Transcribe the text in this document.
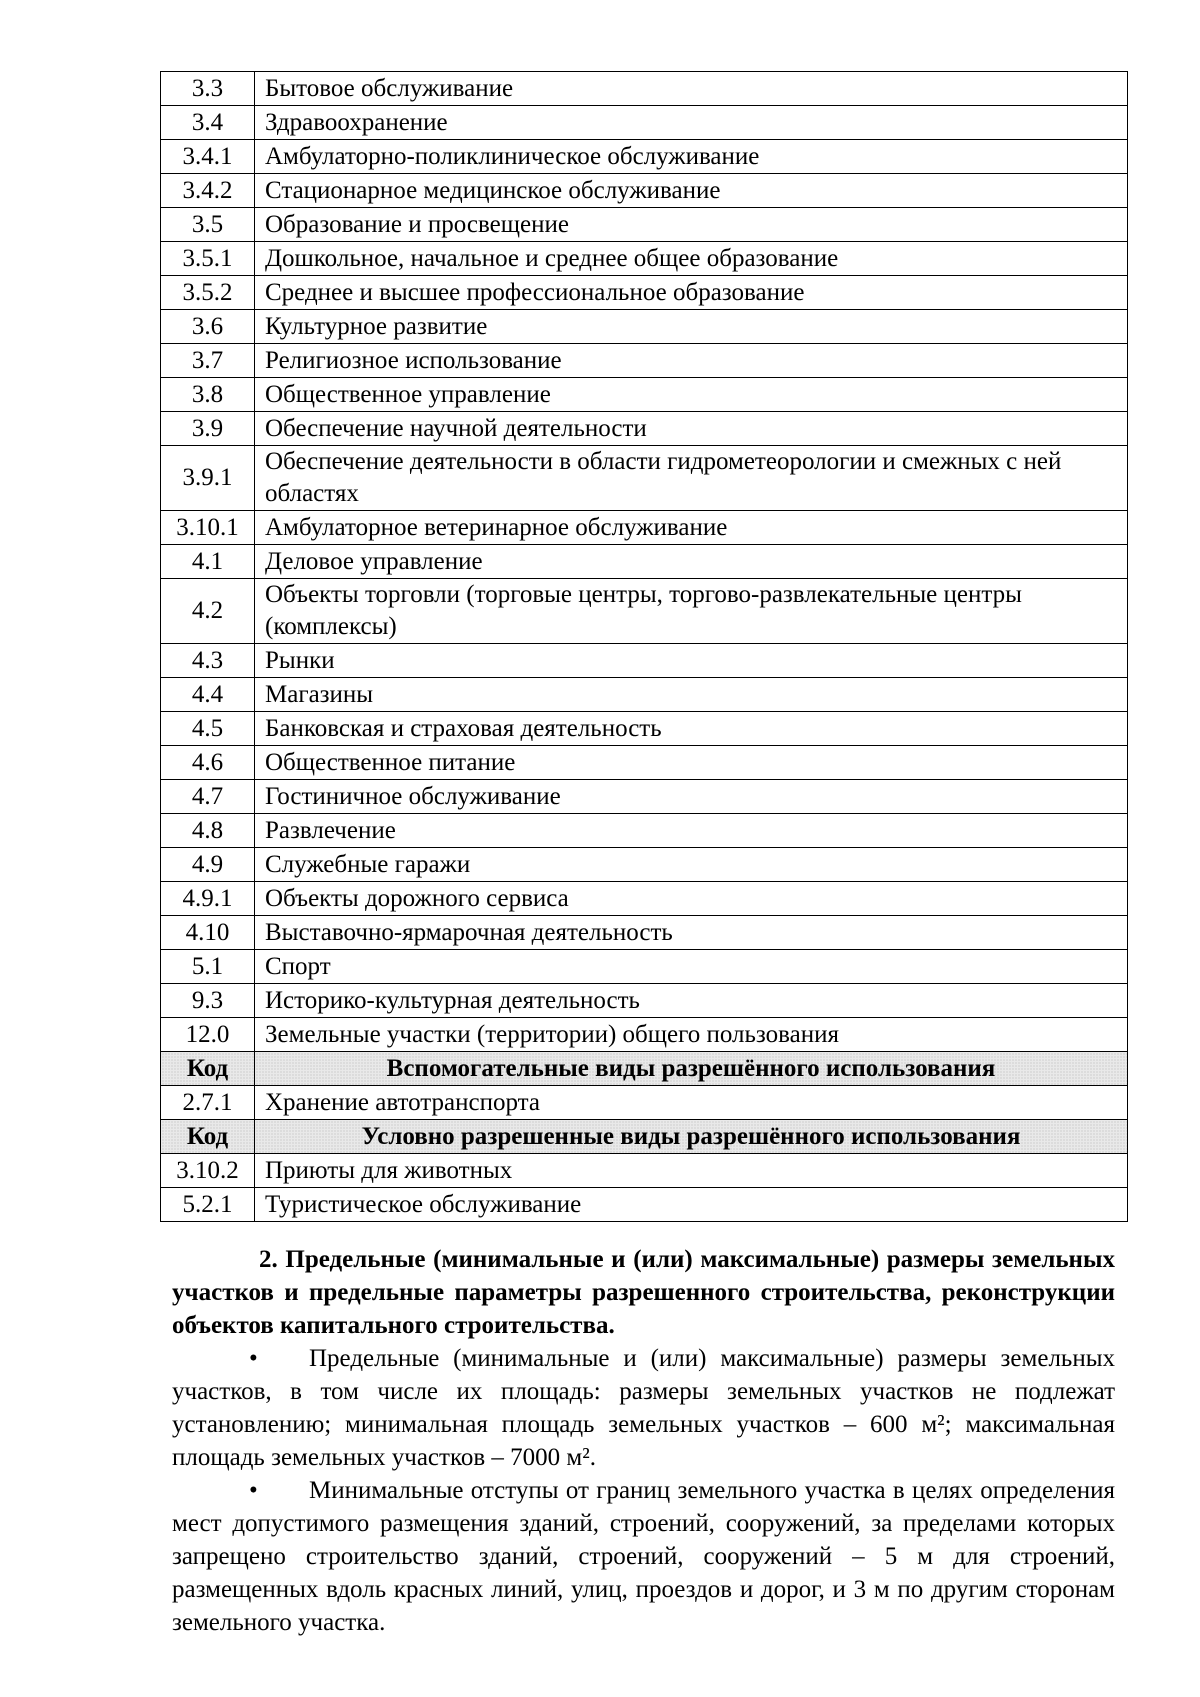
3.3	Бытовое обслуживание
3.4	Здравоохранение
3.4.1	Амбулаторно-поликлиническое обслуживание
3.4.2	Стационарное медицинское обслуживание
3.5	Образование и просвещение
3.5.1	Дошкольное, начальное и среднее общее образование
3.5.2	Среднее и высшее профессиональное образование
3.6	Культурное развитие
3.7	Религиозное использование
3.8	Общественное управление
3.9	Обеспечение научной деятельности
3.9.1	Обеспечение деятельности в области гидрометеорологии и смежных с ней областях
3.10.1	Амбулаторное ветеринарное обслуживание
4.1	Деловое управление
4.2	Объекты торговли (торговые центры, торгово-развлекательные центры (комплексы)
4.3	Рынки
4.4	Магазины
4.5	Банковская и страховая деятельность
4.6	Общественное питание
4.7	Гостиничное обслуживание
4.8	Развлечение
4.9	Служебные гаражи
4.9.1	Объекты дорожного сервиса
4.10	Выставочно-ярмарочная деятельность
5.1	Спорт
9.3	Историко-культурная деятельность
12.0	Земельные участки (территории) общего пользования
Код	Вспомогательные виды разрешённого использования
2.7.1	Хранение автотранспорта
Код	Условно разрешенные виды разрешённого использования
3.10.2	Приюты для животных
5.2.1	Туристическое обслуживание

2. Предельные (минимальные и (или) максимальные) размеры земельных участков и предельные параметры разрешенного строительства, реконструкции объектов капитального строительства.

• Предельные (минимальные и (или) максимальные) размеры земельных участков, в том числе их площадь: размеры земельных участков не подлежат установлению; минимальная площадь земельных участков – 600 м²; максимальная площадь земельных участков – 7000 м².

• Минимальные отступы от границ земельного участка в целях определения мест допустимого размещения зданий, строений, сооружений, за пределами которых запрещено строительство зданий, строений, сооружений – 5 м для строений, размещенных вдоль красных линий, улиц, проездов и дорог, и 3 м по другим сторонам земельного участка.
